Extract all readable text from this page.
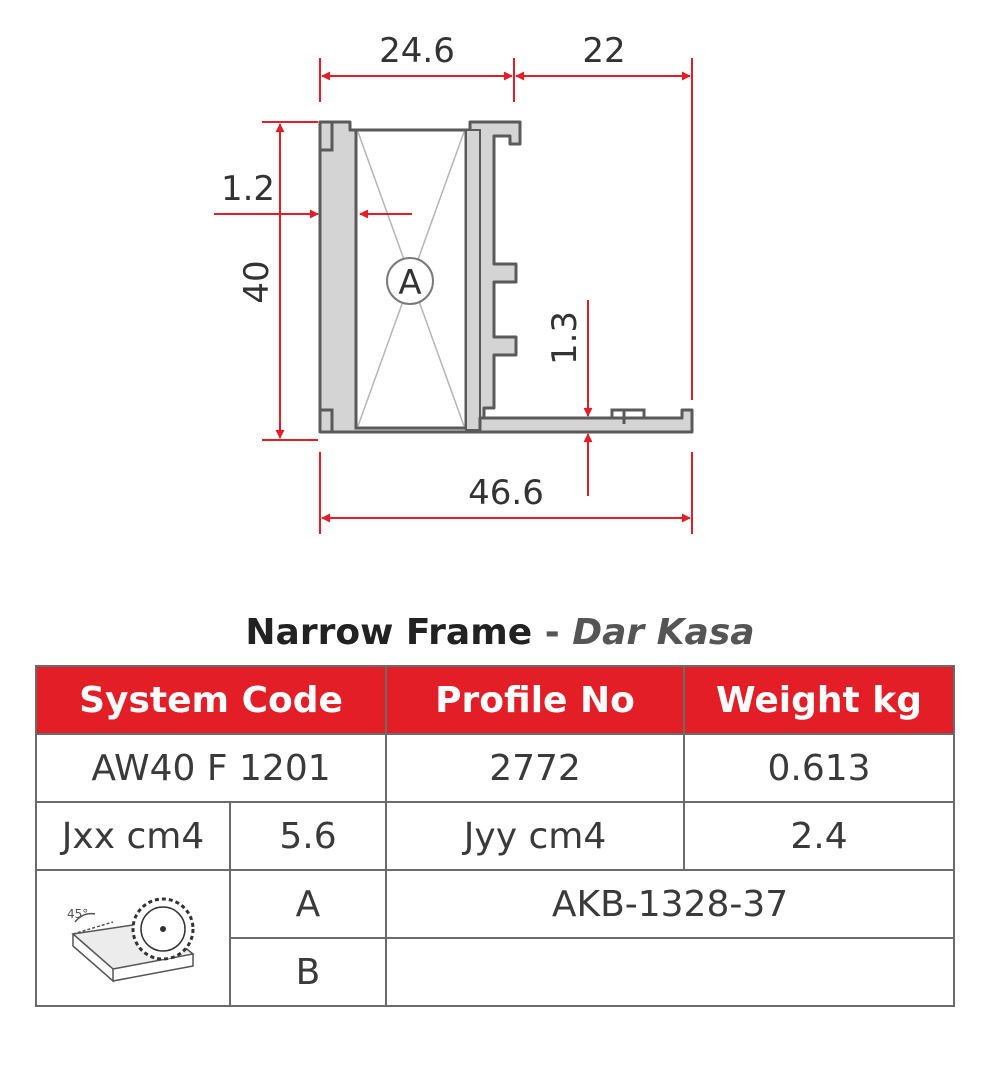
A
24.6	22
1.2
40
1.3
46.6
Narrow Frame - Dar Kasa
System Code		Profile No	Weight kg
AW40 F 1201		2772	0.613
Jxx cm4	5.6	Jyy cm4	2.4

45°	A	AKB-1328-37	
	B		
